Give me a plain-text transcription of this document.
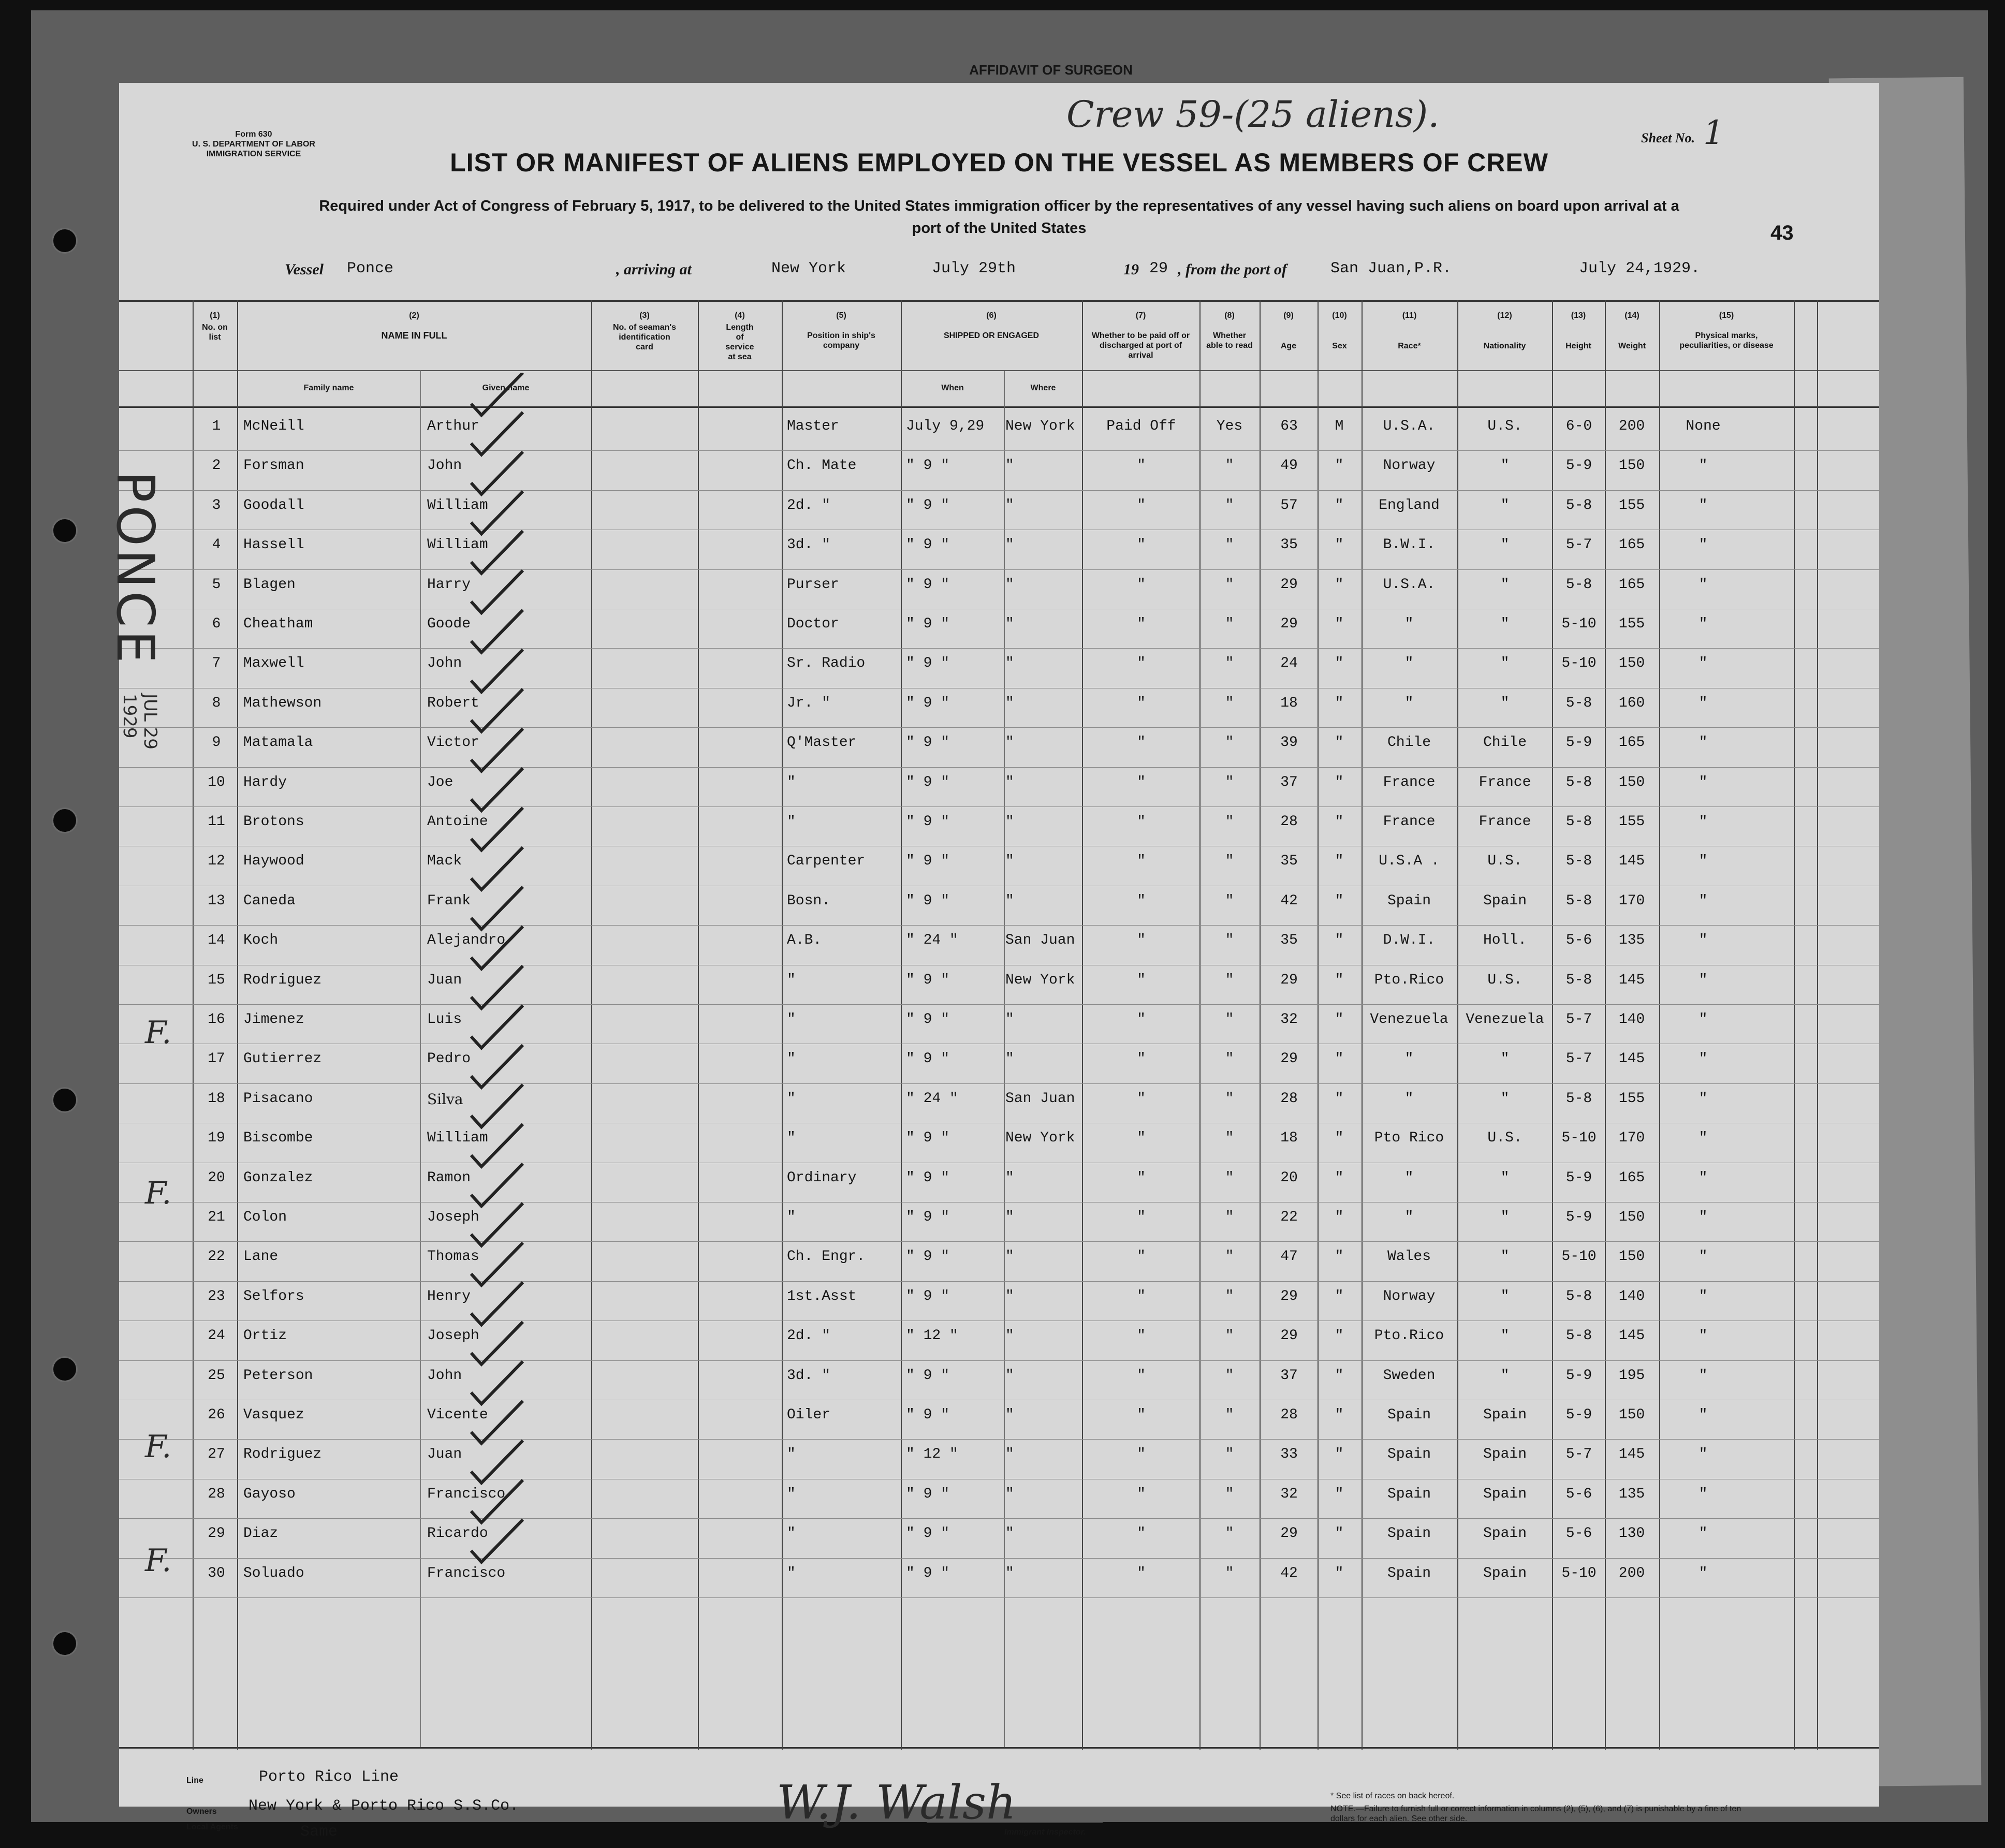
AFFIDAVIT OF SURGEON
Form 630
U. S. DEPARTMENT OF LABOR
IMMIGRATION SERVICE
Crew 59-(25 aliens).
Sheet No. 1
LIST OR MANIFEST OF ALIENS EMPLOYED ON THE VESSEL AS MEMBERS OF CREW
Required under Act of Congress of February 5, 1917, to be delivered to the United States immigration officer by the representatives of any vessel having such aliens on board upon arrival at a
port of the United States	43
Vessel Ponce	, arriving at	New York	July 29th	19 29 , from the port of	San Juan,P.R.	July 24,1929.
(1)
No. on list
(2)
NAME IN FULL
Family name	Given name
(3)
No. of seaman's identification card
(4)
Length of service at sea
(5)
Position in ship's company
(6)
SHIPPED OR ENGAGED
When	Where
(7)
Whether to be paid off or discharged at port of arrival
(8)
Whether able to read
(9)
Age
(10)
Sex
(11)
Race*
(12)
Nationality
(13)
Height
(14)
Weight
(15)
Physical marks, peculiarities, or disease
1	McNeill	Arthur	Master	July 9,29	New York	Paid Off	Yes	63	M	U.S.A.	U.S.	6-0	200	None
2	Forsman	John	Ch. Mate	" 9 "	"	"	"	49	"	Norway	"	5-9	150	"
3	Goodall	William	2d. "	" 9 "	"	"	"	57	"	England	"	5-8	155	"
4	Hassell	William	3d. "	" 9 "	"	"	"	35	"	B.W.I.	"	5-7	165	"
5	Blagen	Harry	Purser	" 9 "	"	"	"	29	"	U.S.A.	"	5-8	165	"
6	Cheatham	Goode	Doctor	" 9 "	"	"	"	29	"	"	"	5-10	155	"
7	Maxwell	John	Sr. Radio	" 9 "	"	"	"	24	"	"	"	5-10	150	"
8	Mathewson	Robert	Jr. "	" 9 "	"	"	"	18	"	"	"	5-8	160	"
9	Matamala	Victor	Q'Master	" 9 "	"	"	"	39	"	Chile	Chile	5-9	165	"
10	Hardy	Joe	"	" 9 "	"	"	"	37	"	France	France	5-8	150	"
11	Brotons	Antoine	"	" 9 "	"	"	"	28	"	France	France	5-8	155	"
12	Haywood	Mack	Carpenter	" 9 "	"	"	"	35	"	U.S.A .	U.S.	5-8	145	"
13	Caneda	Frank	Bosn.	" 9 "	"	"	"	42	"	Spain	Spain	5-8	170	"
14	Koch	Alejandro	A.B.	" 24 "	San Juan	"	"	35	"	D.W.I.	Holl.	5-6	135	"
15	Rodriguez	Juan	"	" 9 "	New York	"	"	29	"	Pto.Rico	U.S.	5-8	145	"
16	Jimenez	Luis	"	" 9 "	"	"	"	32	"	Venezuela	Venezuela	5-7	140	"
17	Gutierrez	Pedro	"	" 9 "	"	"	"	29	"	"	"	5-7	145	"
18	Pisacano	Silva	"	" 24 "	San Juan	"	"	28	"	"	"	5-8	155	"
19	Biscombe	William	"	" 9 "	New York	"	"	18	"	Pto Rico	U.S.	5-10	170	"
20	Gonzalez	Ramon	Ordinary	" 9 "	"	"	"	20	"	"	"	5-9	165	"
21	Colon	Joseph	"	" 9 "	"	"	"	22	"	"	"	5-9	150	"
22	Lane	Thomas	Ch. Engr.	" 9 "	"	"	"	47	"	Wales	"	5-10	150	"
23	Selfors	Henry	1st.Asst	" 9 "	"	"	"	29	"	Norway	"	5-8	140	"
24	Ortiz	Joseph	2d. "	" 12 "	"	"	"	29	"	Pto.Rico	"	5-8	145	"
25	Peterson	John	3d. "	" 9 "	"	"	"	37	"	Sweden	"	5-9	195	"
26	Vasquez	Vicente	Oiler	" 9 "	"	"	"	28	"	Spain	Spain	5-9	150	"
27	Rodriguez	Juan	"	" 12 "	"	"	"	33	"	Spain	Spain	5-7	145	"
28	Gayoso	Francisco	"	" 9 "	"	"	"	32	"	Spain	Spain	5-6	135	"
29	Diaz	Ricardo	"	" 9 "	"	"	"	29	"	Spain	Spain	5-6	130	"
30	Soluado	Francisco	"	" 9 "	"	"	"	42	"	Spain	Spain	5-10	200	"
PONCE
JUL 29 1929
F.
F.
F.
F.
Line	Porto Rico Line
Owners New York & Porto Rico S.S.Co.
Local Agents	Same
W.J. Walsh
Immigrant Inspector.
* See list of races on back hereof.
NOTE.—Failure to furnish full or correct information in columns (2), (5), (6), and (7) is punishable by a fine of ten dollars for each alien. See other side.
